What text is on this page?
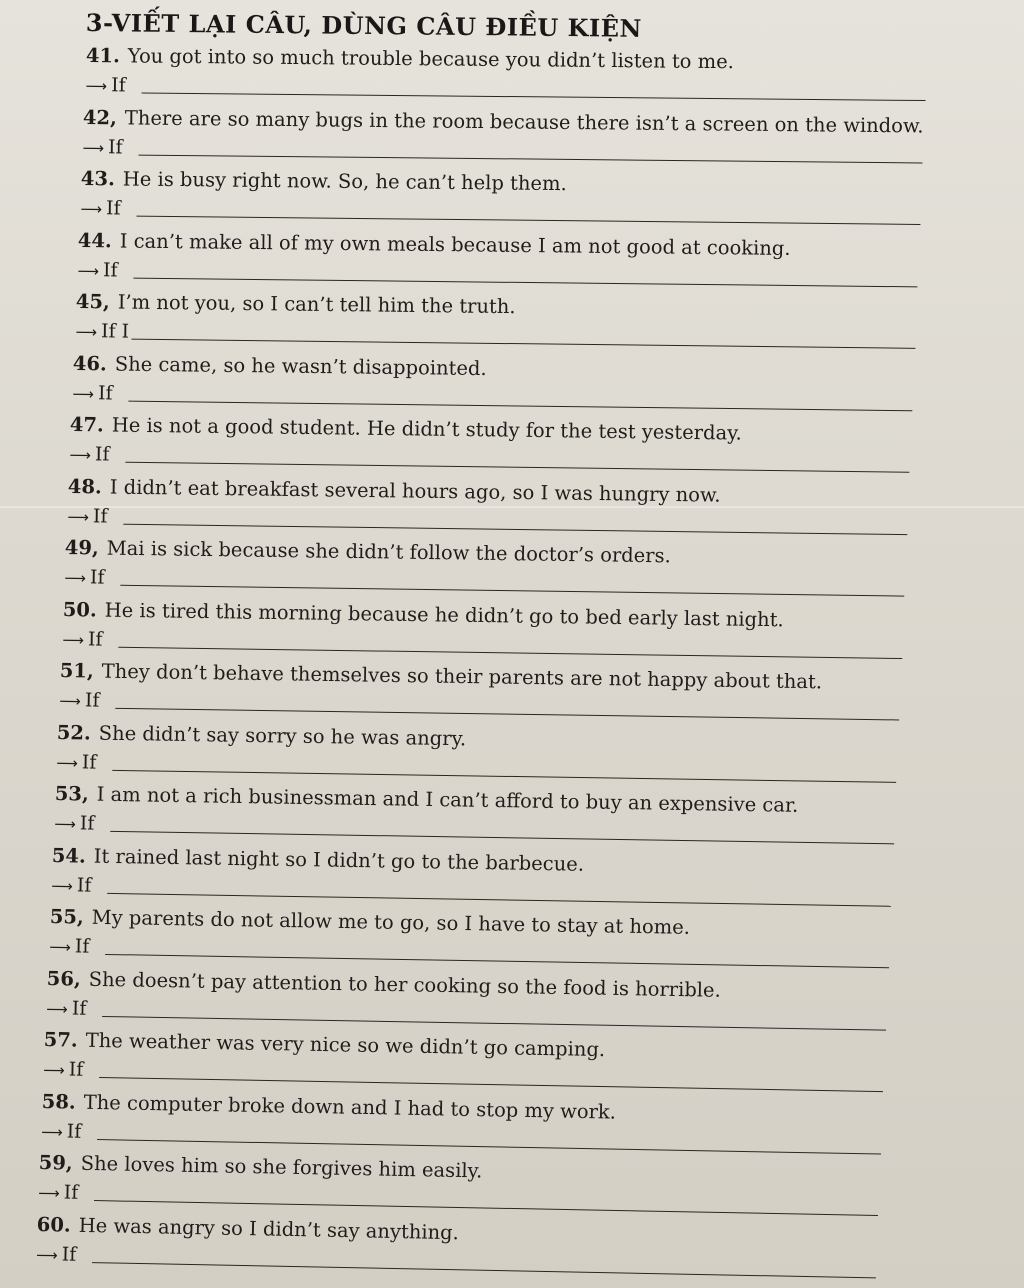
3-VIẾT LẠI CÂU, DÙNG CÂU ĐIỀU KIỆN
41. You got into so much trouble because you didn’t listen to me.
⟶ If
42, There are so many bugs in the room because there isn’t a screen on the window.
⟶ If
43. He is busy right now. So, he can’t help them.
⟶ If
44. I can’t make all of my own meals because I am not good at cooking.
⟶ If
45, I’m not you, so I can’t tell him the truth.
⟶ If I
46. She came, so he wasn’t disappointed.
⟶ If
47. He is not a good student. He didn’t study for the test yesterday.
⟶ If
48. I didn’t eat breakfast several hours ago, so I was hungry now.
⟶ If
49, Mai is sick because she didn’t follow the doctor’s orders.
⟶ If
50. He is tired this morning because he didn’t go to bed early last night.
⟶ If
51, They don’t behave themselves so their parents are not happy about that.
⟶ If
52. She didn’t say sorry so he was angry.
⟶ If
53, I am not a rich businessman and I can’t afford to buy an expensive car.
⟶ If
54. It rained last night so I didn’t go to the barbecue.
⟶ If
55, My parents do not allow me to go, so I have to stay at home.
⟶ If
56, She doesn’t pay attention to her cooking so the food is horrible.
⟶ If
57. The weather was very nice so we didn’t go camping.
⟶ If
58. The computer broke down and I had to stop my work.
⟶ If
59, She loves him so she forgives him easily.
⟶ If
60. He was angry so I didn’t say anything.
⟶ If
